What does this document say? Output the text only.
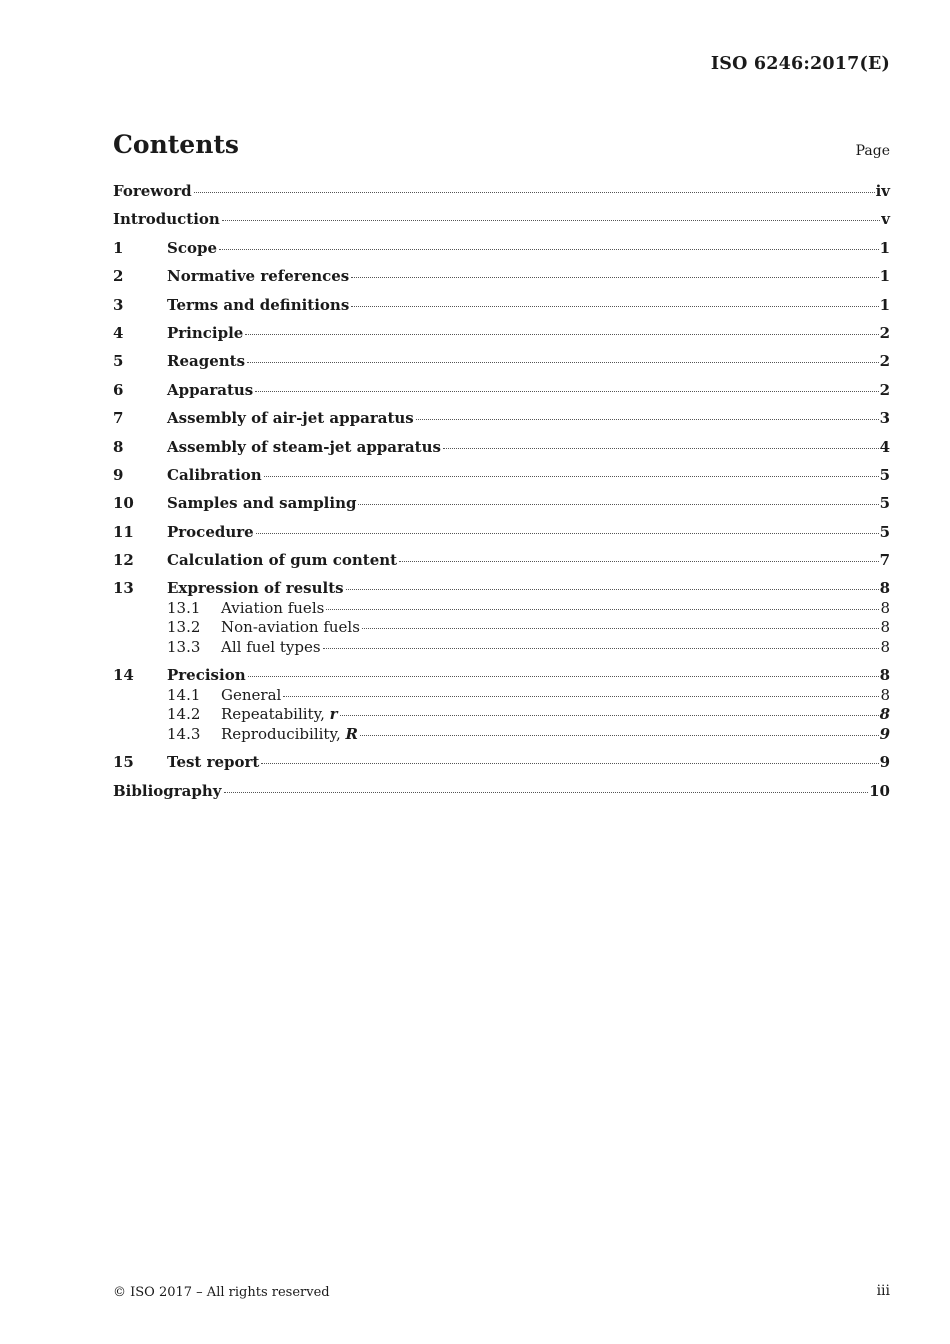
ISO 6246:2017(E)
Contents	Page
Foreword	iv
Introduction	v
1	Scope	1
2	Normative references	1
3	Terms and definitions	1
4	Principle	2
5	Reagents	2
6	Apparatus	2
7	Assembly of air-jet apparatus	3
8	Assembly of steam-jet apparatus	4
9	Calibration	5
10	Samples and sampling	5
11	Procedure	5
12	Calculation of gum content	7
13	Expression of results	8
13.1	Aviation fuels	8
13.2	Non-aviation fuels	8
13.3	All fuel types	8
14	Precision	8
14.1	General	8
14.2	Repeatability, r	8
14.3	Reproducibility, R	9
15	Test report	9
Bibliography	10
© ISO 2017 – All rights reserved	iii
